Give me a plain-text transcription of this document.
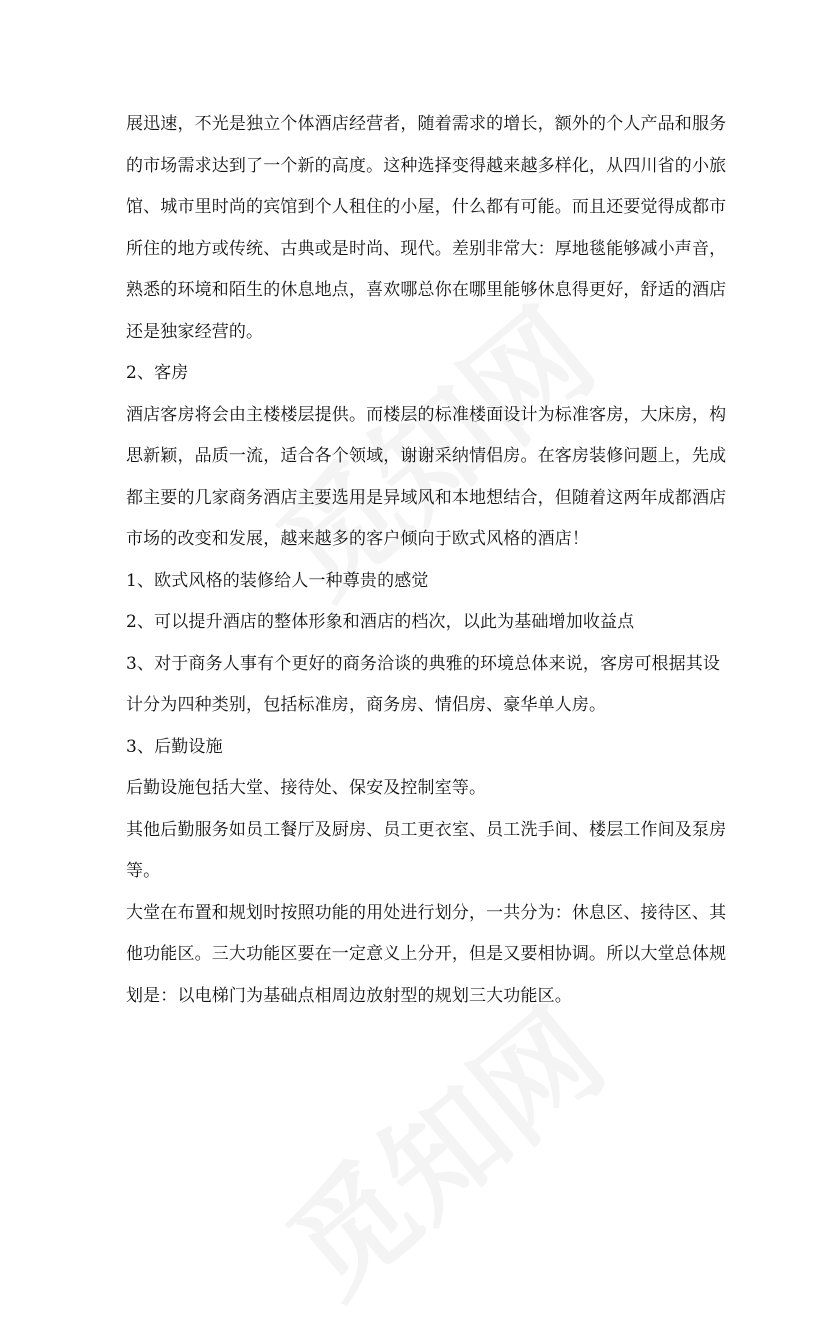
展迅速，不光是独立个体酒店经营者，随着需求的增长，额外的个人产品和服务
的市场需求达到了一个新的高度。这种选择变得越来越多样化，从四川省的小旅
馆、城市里时尚的宾馆到个人租住的小屋，什么都有可能。而且还要觉得成都市
所住的地方或传统、古典或是时尚、现代。差别非常大：厚地毯能够减小声音，
熟悉的环境和陌生的休息地点，喜欢哪总你在哪里能够休息得更好，舒适的酒店
还是独家经营的。
2、客房
酒店客房将会由主楼楼层提供。而楼层的标准楼面设计为标准客房，大床房，构
思新颖，品质一流，适合各个领域，谢谢采纳情侣房。在客房装修问题上，先成
都主要的几家商务酒店主要选用是异域风和本地想结合，但随着这两年成都酒店
市场的改变和发展，越来越多的客户倾向于欧式风格的酒店！
1、欧式风格的装修给人一种尊贵的感觉
2、可以提升酒店的整体形象和酒店的档次，以此为基础增加收益点
3、对于商务人事有个更好的商务洽谈的典雅的环境总体来说，客房可根据其设
计分为四种类别，包括标准房，商务房、情侣房、豪华单人房。
3、后勤设施
后勤设施包括大堂、接待处、保安及控制室等。
其他后勤服务如员工餐厅及厨房、员工更衣室、员工洗手间、楼层工作间及泵房
等。
大堂在布置和规划时按照功能的用处进行划分，一共分为：休息区、接待区、其
他功能区。三大功能区要在一定意义上分开，但是又要相协调。所以大堂总体规
划是：以电梯门为基础点相周边放射型的规划三大功能区。
